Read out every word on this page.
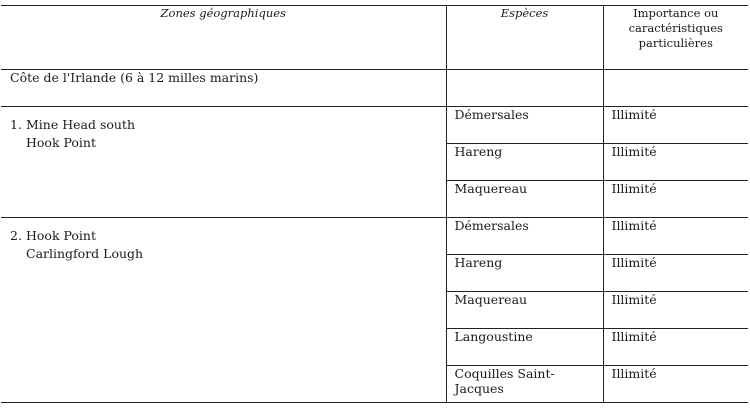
Zones géographiques	Espèces	Importance ou
caractéristiques
particulières
Côte de l'Irlande (6 à 12 milles marins)		
1. Mine Head south
Hook Point	Démersales	Illimité
	Hareng	Illimité
	Maquereau	Illimité
2. Hook Point
Carlingford Lough	Démersales	Illimité
	Hareng	Illimité
	Maquereau	Illimité
	Langoustine	Illimité
	Coquilles Saint-Jacques	Illimité
